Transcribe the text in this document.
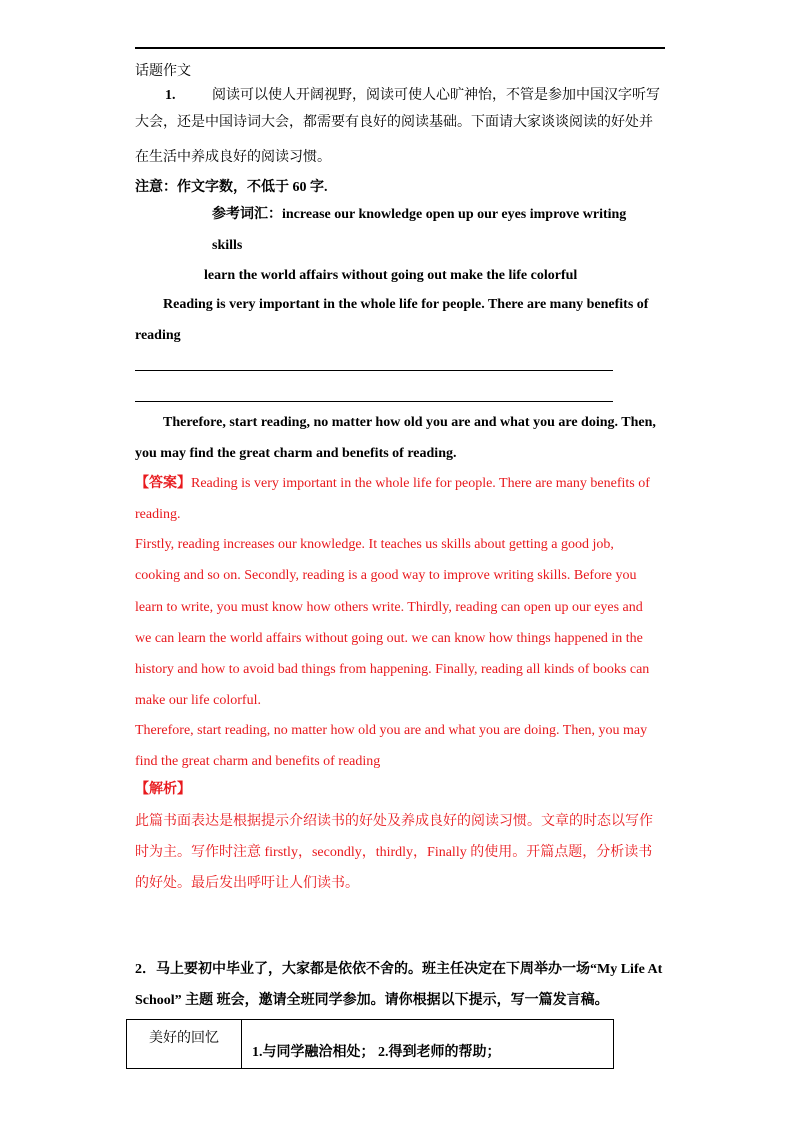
话题作文
1.	阅读可以使人开阔视野，阅读可使人心旷神怡，不管是参加中国汉字听写
大会，还是中国诗词大会，都需要有良好的阅读基础。下面请大家谈谈阅读的好处并
在生活中养成良好的阅读习惯。
注意：作文字数，不低于 60 字.
参考词汇：increase our knowledge open up our eyes improve writing
skills
learn the world affairs without going out make the life colorful
Reading is very important in the whole life for people. There are many benefits of
reading
Therefore, start reading, no matter how old you are and what you are doing. Then,
you may find the great charm and benefits of reading.
【答案】Reading is very important in the whole life for people. There are many benefits of
reading.
Firstly, reading increases our knowledge. It teaches us skills about getting a good job,
cooking and so on. Secondly, reading is a good way to improve writing skills. Before you
learn to write, you must know how others write. Thirdly, reading can open up our eyes and
we can learn the world affairs without going out. we can know how things happened in the
history and how to avoid bad things from happening. Finally, reading all kinds of books can
make our life colorful.
Therefore, start reading, no matter how old you are and what you are doing. Then, you may
find the great charm and benefits of reading
【解析】
此篇书面表达是根据提示介绍读书的好处及养成良好的阅读习惯。文章的时态以写作
时为主。写作时注意 firstly，secondly，thirdly，Finally 的使用。开篇点题，分析读书
的好处。最后发出呼吁让人们读书。
2．马上要初中毕业了，大家都是依依不舍的。班主任决定在下周举办一场“My Life At
School” 主题 班会，邀请全班同学参加。请你根据以下提示，写一篇发言稿。
美好的回忆	1.与同学融洽相处； 2.得到老师的帮助；
